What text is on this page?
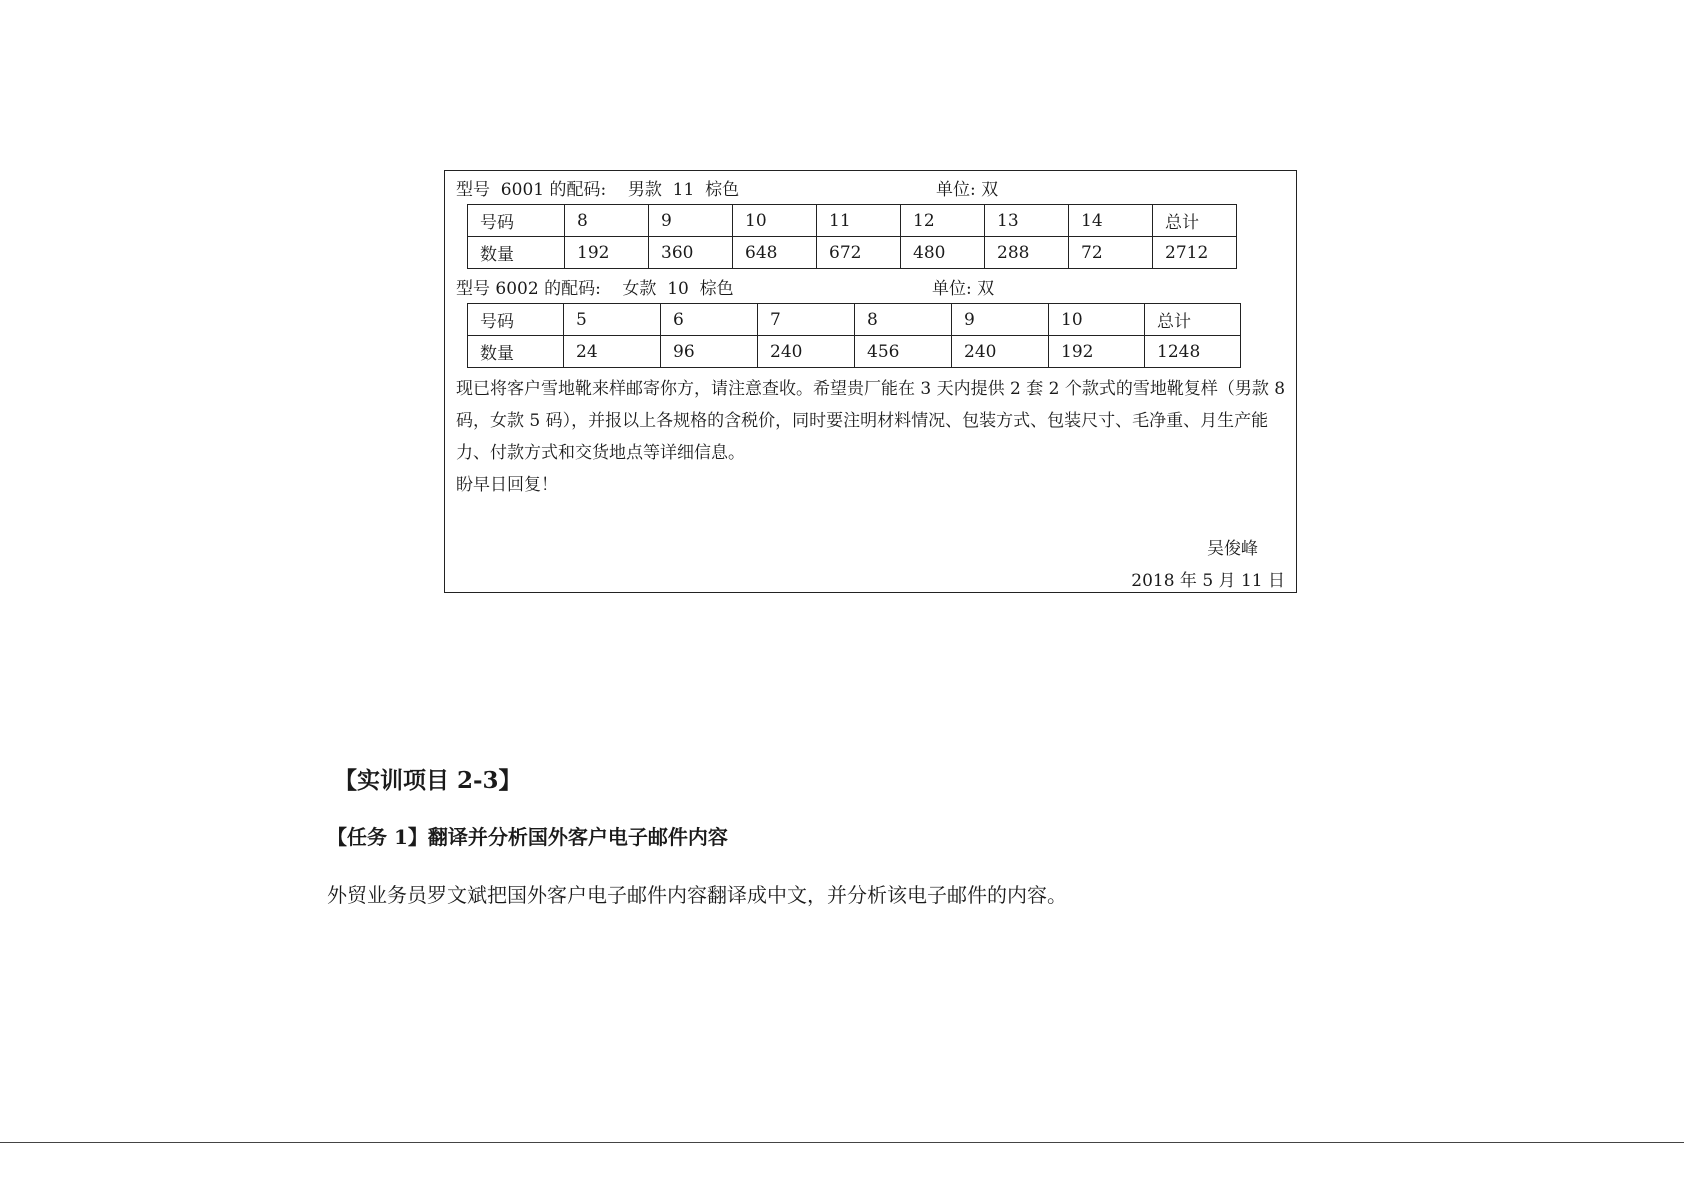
型号  6001 的配码:    男款  11  棕色	单位: 双
号码	8	9	10	11	12	13	14	总计
数量	192	360	648	672	480	288	72	2712
型号 6002 的配码:    女款  10  棕色	单位: 双
号码	5	6	7	8	9	10	总计
数量	24	96	240	456	240	192	1248
现已将客户雪地靴来样邮寄你方，请注意查收。希望贵厂能在 3 天内提供 2 套 2 个款式的雪地靴复样（男款 8 码，女款 5 码），并报以上各规格的含税价，同时要注明材料情况、包装方式、包装尺寸、毛净重、月生产能力、付款方式和交货地点等详细信息。
盼早日回复！
吴俊峰
2018 年 5 月 11 日
【实训项目 2-3】
【任务 1】翻译并分析国外客户电子邮件内容
外贸业务员罗文斌把国外客户电子邮件内容翻译成中文，并分析该电子邮件的内容。
